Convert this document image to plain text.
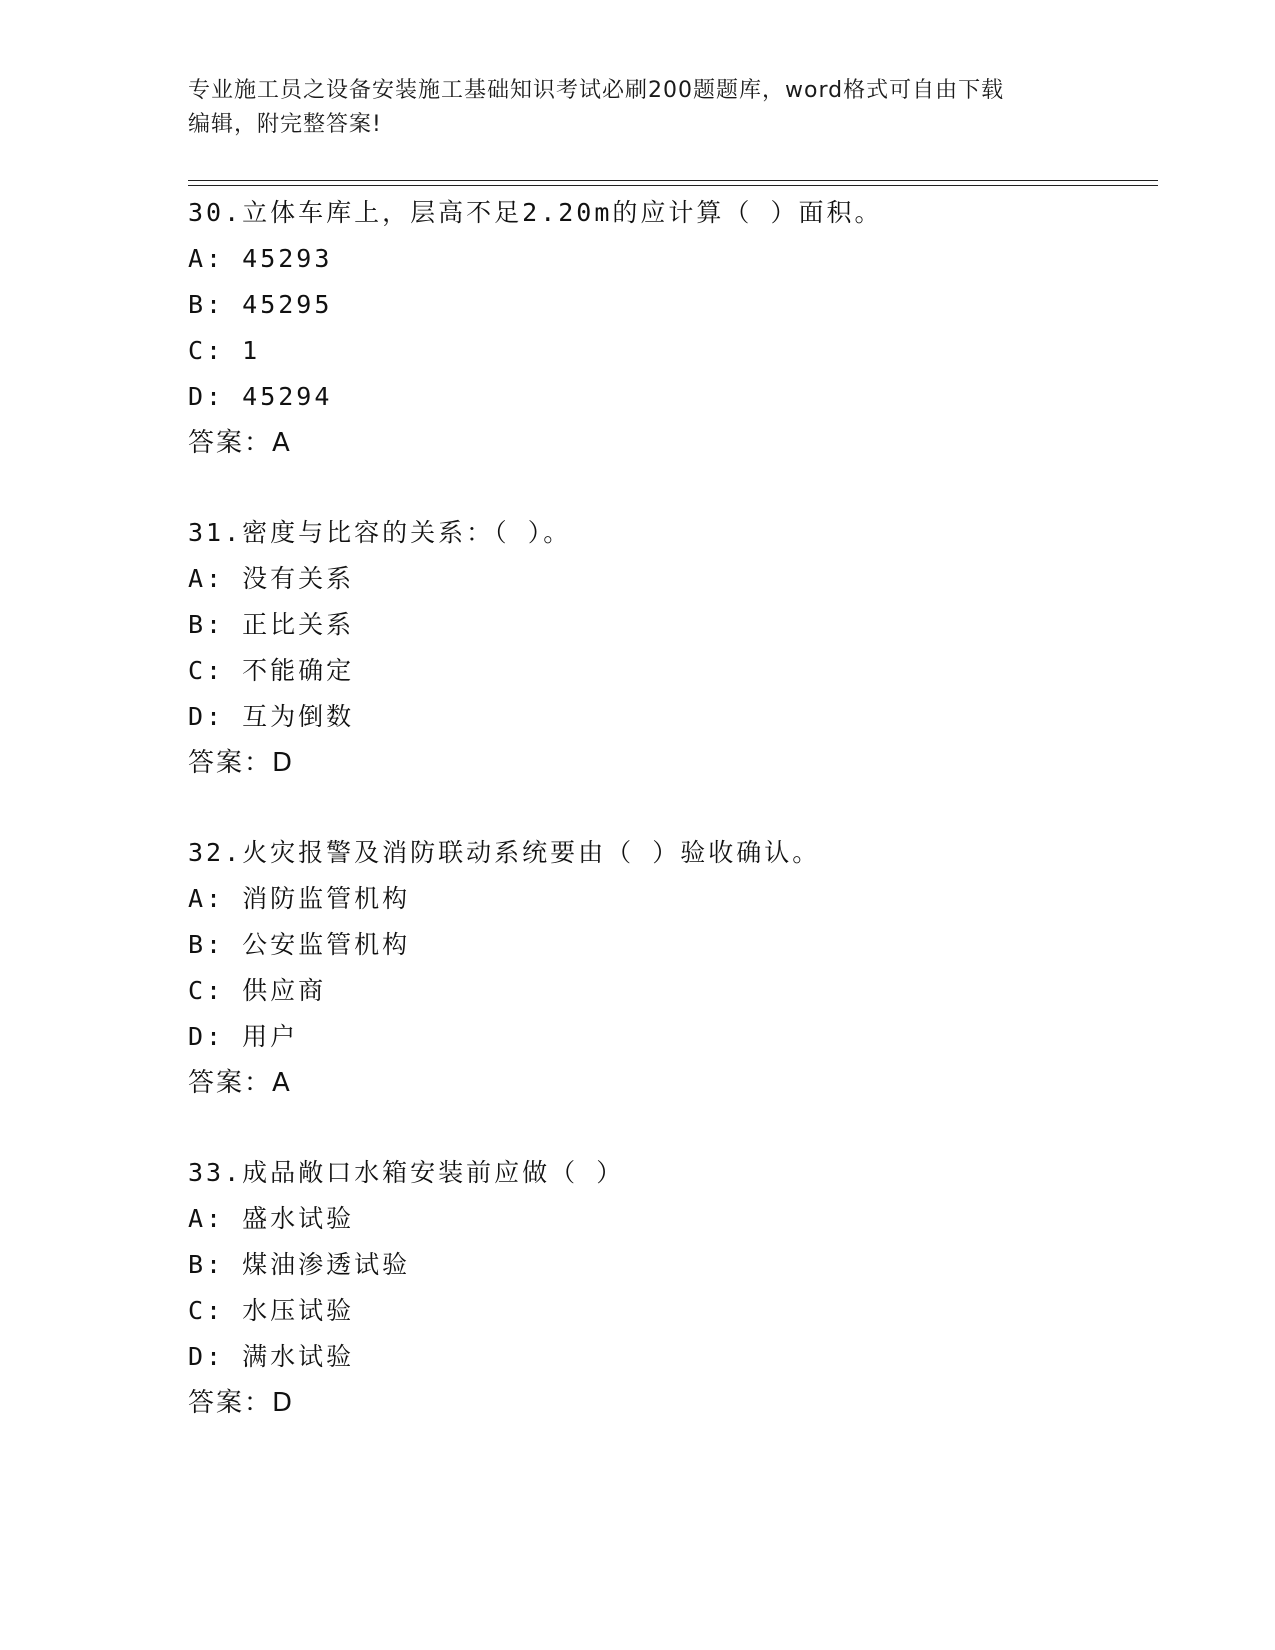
专业施工员之设备安装施工基础知识考试必刷200题题库，word格式可自由下载
编辑，附完整答案!
30.立体车库上，层高不足2.20m的应计算（ ）面积。
A: 45293
B: 45295
C: 1
D: 45294
答案：A
31.密度与比容的关系：（ ）。
A: 没有关系
B: 正比关系
C: 不能确定
D: 互为倒数
答案：D
32.火灾报警及消防联动系统要由（ ）验收确认。
A: 消防监管机构
B: 公安监管机构
C: 供应商
D: 用户
答案：A
33.成品敞口水箱安装前应做（ ）
A: 盛水试验
B: 煤油渗透试验
C: 水压试验
D: 满水试验
答案：D
